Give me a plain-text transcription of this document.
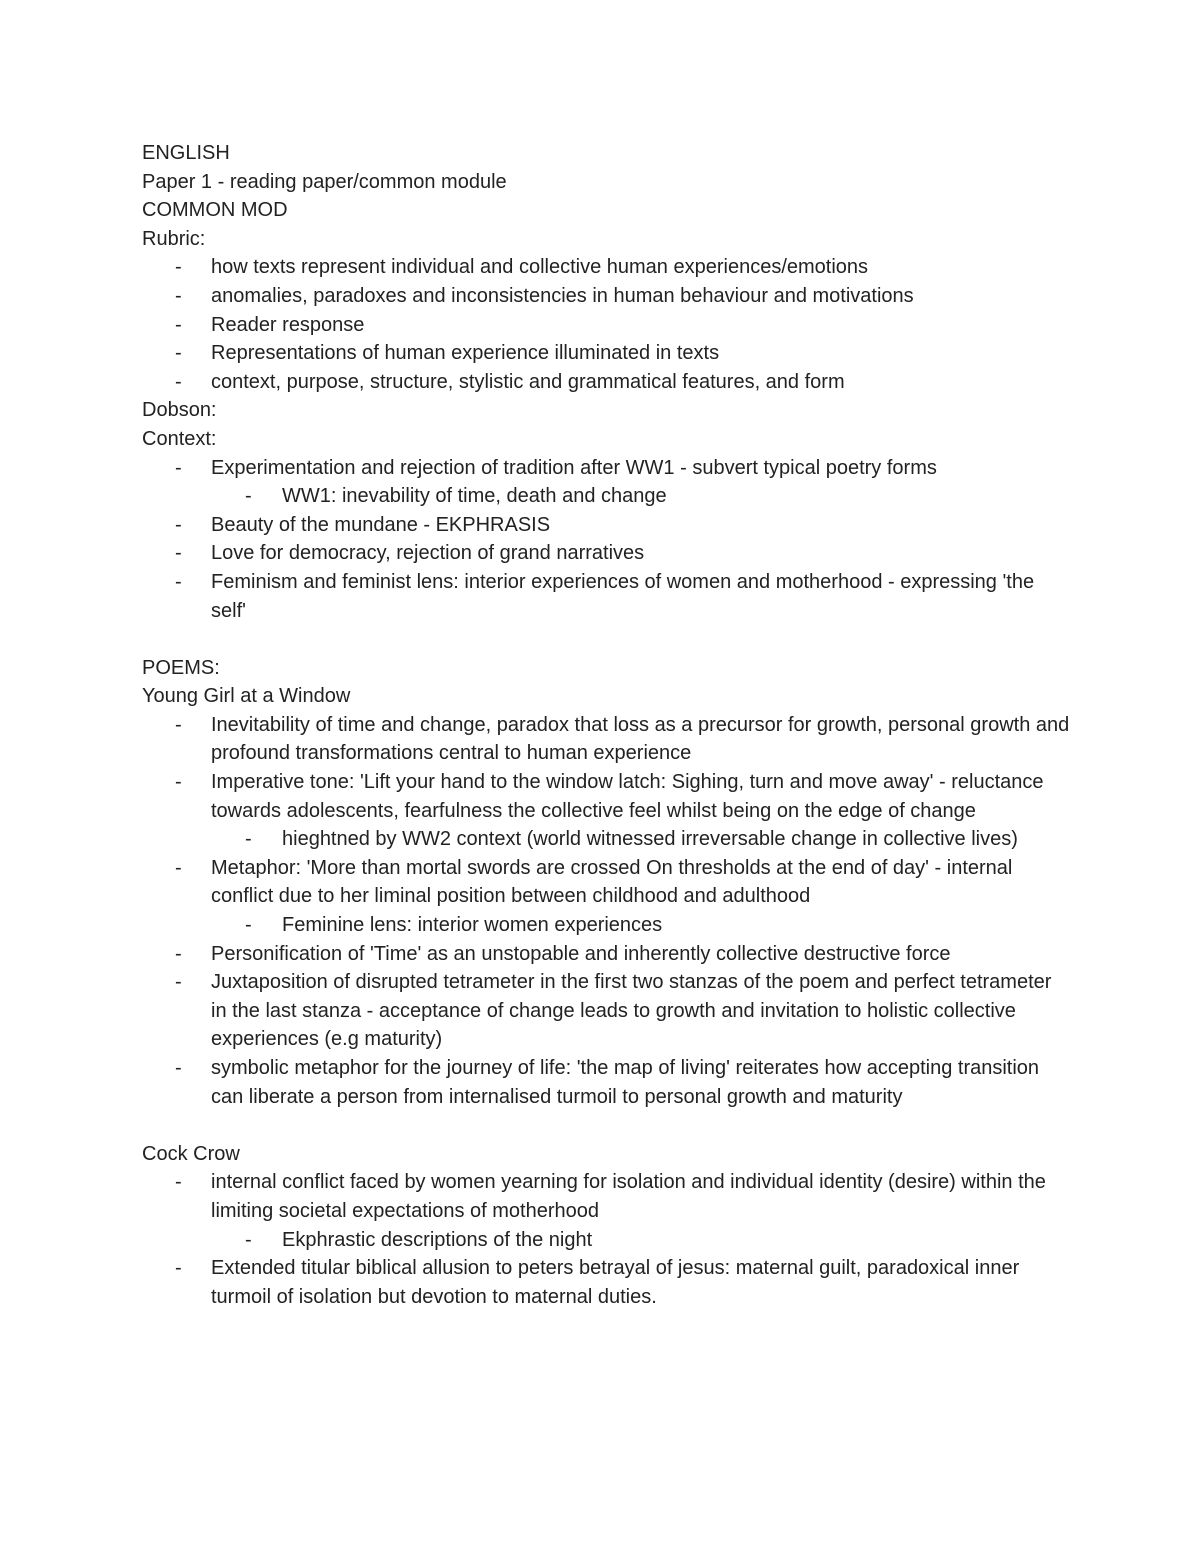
ENGLISH

Paper 1 - reading paper/common module

COMMON MOD

Rubric:

- how texts represent individual and collective human experiences/emotions
- anomalies, paradoxes and inconsistencies in human behaviour and motivations
- Reader response
- Representations of human experience illuminated in texts
- context, purpose, structure, stylistic and grammatical features, and form

Dobson:

Context:

- Experimentation and rejection of tradition after WW1 - subvert typical poetry forms
- WW1: inevability of time, death and change
- Beauty of the mundane - EKPHRASIS
- Love for democracy, rejection of grand narratives
- Feminism and feminist lens: interior experiences of women and motherhood - expressing 'the self'

POEMS:

Young Girl at a Window

- Inevitability of time and change, paradox that loss as a precursor for growth, personal growth and profound transformations central to human experience
- Imperative tone: 'Lift your hand to the window latch: Sighing, turn and move away' - reluctance towards adolescents, fearfulness the collective feel whilst being on the edge of change
- hieghtned by WW2 context (world witnessed irreversable change in collective lives)
- Metaphor: 'More than mortal swords are crossed On thresholds at the end of day' - internal conflict due to her liminal position between childhood and adulthood
- Feminine lens: interior women experiences
- Personification of 'Time' as an unstopable and inherently collective destructive force
- Juxtaposition of disrupted tetrameter in the first two stanzas of the poem and perfect tetrameter in the last stanza - acceptance of change leads to growth and invitation to holistic collective experiences (e.g maturity)
- symbolic metaphor for the journey of life: 'the map of living' reiterates how accepting transition can liberate a person from internalised turmoil to personal growth and maturity

Cock Crow

- internal conflict faced by women yearning for isolation and individual identity (desire) within the limiting societal expectations of motherhood
- Ekphrastic descriptions of the night
- Extended titular biblical allusion to peters betrayal of jesus: maternal guilt, paradoxical inner turmoil of isolation but devotion to maternal duties.
